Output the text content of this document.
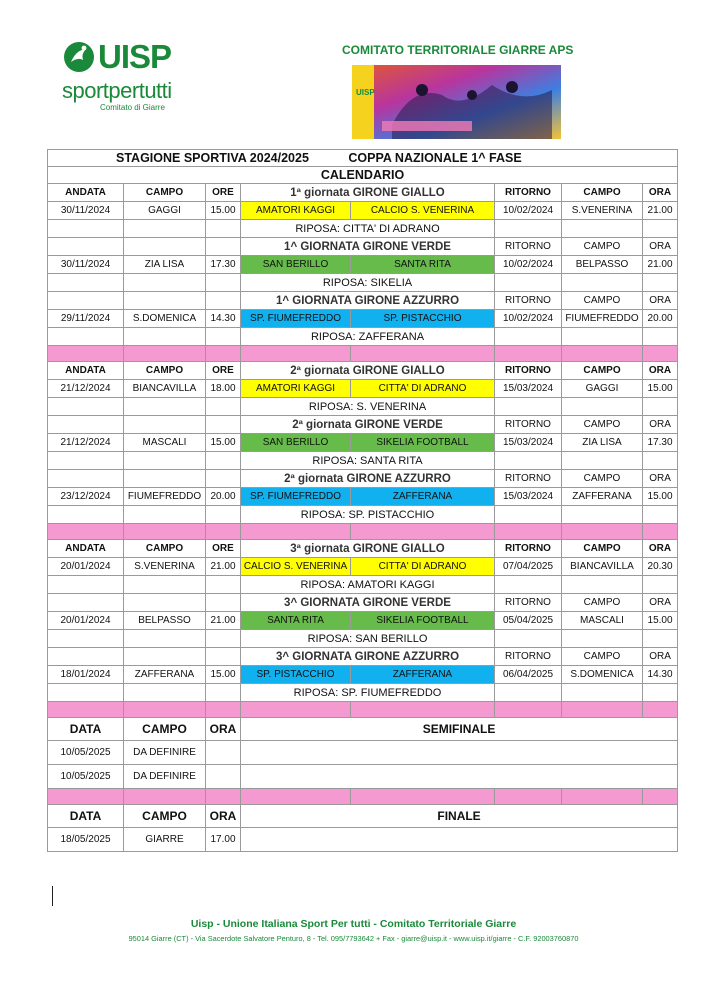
UISP
sportpertutti
Comitato di Giarre
COMITATO TERRITORIALE GIARRE APS
UISP
STAGIONE SPORTIVA 2024/2025 COPPA NAZIONALE 1^ FASE							
CALENDARIO							
ANDATA	CAMPO	ORE	1ª giornata GIRONE GIALLO		RITORNO	CAMPO	ORA
30/11/2024	GAGGI	15.00	AMATORI KAGGI	CALCIO S. VENERINA	10/02/2024	S.VENERINA	21.00
			RIPOSA: CITTA' DI ADRANO				
			1^ GIORNATA GIRONE VERDE		RITORNO	CAMPO	ORA
30/11/2024	ZIA LISA	17.30	SAN BERILLO	SANTA RITA	10/02/2024	BELPASSO	21.00
			RIPOSA: SIKELIA				
			1^ GIORNATA GIRONE AZZURRO		RITORNO	CAMPO	ORA
29/11/2024	S.DOMENICA	14.30	SP. FIUMEFREDDO	SP. PISTACCHIO	10/02/2024	FIUMEFREDDO	20.00
			RIPOSA: ZAFFERANA				

ANDATA	CAMPO	ORE	2ª giornata GIRONE GIALLO		RITORNO	CAMPO	ORA
21/12/2024	BIANCAVILLA	18.00	AMATORI KAGGI	CITTA' DI ADRANO	15/03/2024	GAGGI	15.00
			RIPOSA: S. VENERINA				
			2ª giornata GIRONE VERDE		RITORNO	CAMPO	ORA
21/12/2024	MASCALI	15.00	SAN BERILLO	SIKELIA FOOTBALL	15/03/2024	ZIA LISA	17.30
			RIPOSA: SANTA RITA				
			2ª giornata GIRONE AZZURRO		RITORNO	CAMPO	ORA
23/12/2024	FIUMEFREDDO	20.00	SP. FIUMEFREDDO	ZAFFERANA	15/03/2024	ZAFFERANA	15.00
			RIPOSA: SP. PISTACCHIO				

ANDATA	CAMPO	ORE	3ª giornata GIRONE GIALLO		RITORNO	CAMPO	ORA
20/01/2024	S.VENERINA	21.00	CALCIO S. VENERINA	CITTA' DI ADRANO	07/04/2025	BIANCAVILLA	20.30
			RIPOSA: AMATORI KAGGI				
			3^ GIORNATA GIRONE VERDE		RITORNO	CAMPO	ORA
20/01/2024	BELPASSO	21.00	SANTA RITA	SIKELIA FOOTBALL	05/04/2025	MASCALI	15.00
			RIPOSA: SAN BERILLO				
			3^ GIORNATA GIRONE AZZURRO		RITORNO	CAMPO	ORA
18/01/2024	ZAFFERANA	15.00	SP. PISTACCHIO	ZAFFERANA	06/04/2025	S.DOMENICA	14.30
			RIPOSA: SP. FIUMEFREDDO				

DATA	CAMPO	ORA	SEMIFINALE				
10/05/2025	DA DEFINIRE						
10/05/2025	DA DEFINIRE						

DATA	CAMPO	ORA	FINALE				
18/05/2025	GIARRE	17.00					
Uisp - Unione Italiana Sport Per tutti - Comitato Territoriale Giarre
95014 Giarre (CT) - Via Sacerdote Salvatore Penturo, 8 - Tel. 095/7793642 + Fax - giarre@uisp.it - www.uisp.it/giarre - C.F. 92003760870
